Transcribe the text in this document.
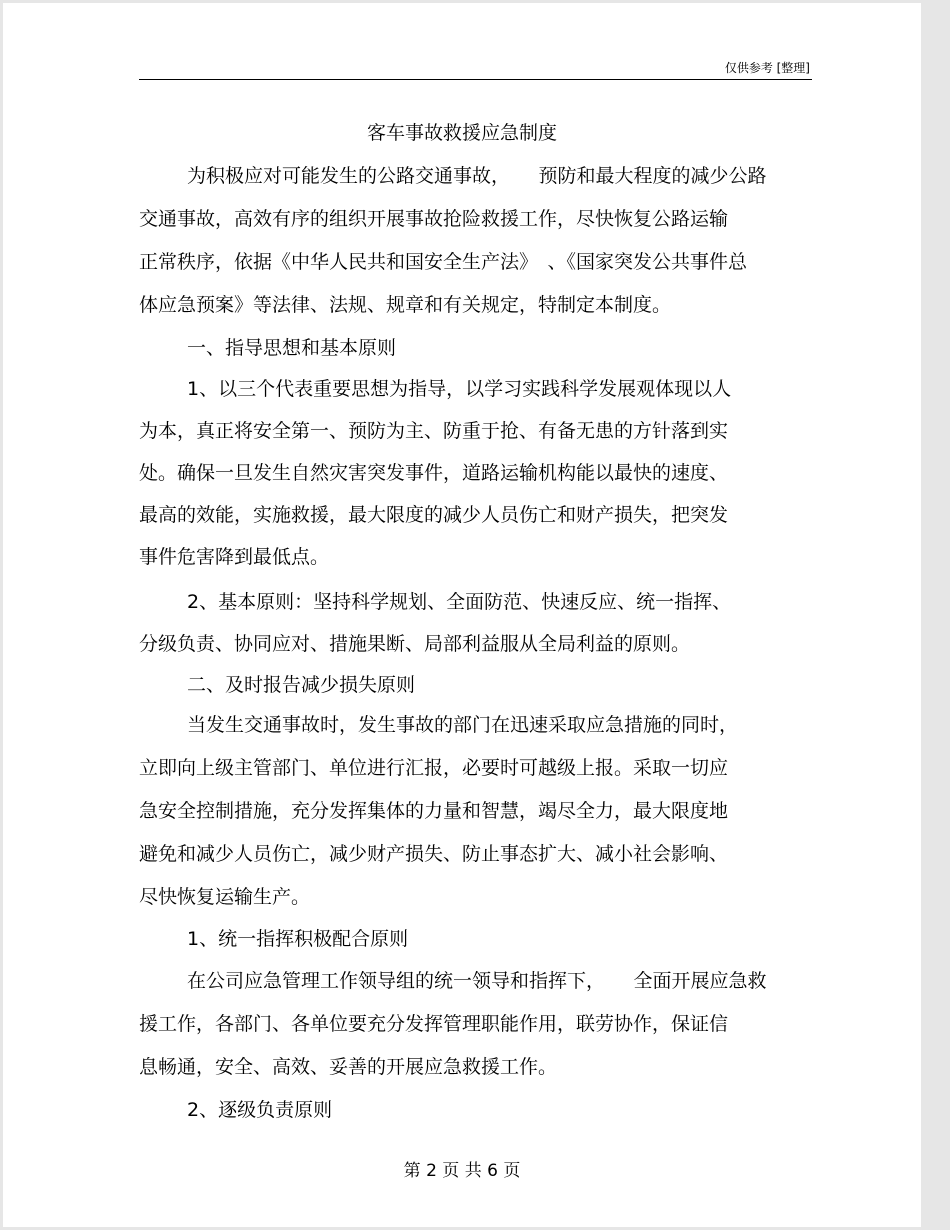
仅供参考 [整理]
客车事故救援应急制度
为积极应对可能发生的公路交通事故，　　预防和最大程度的减少公路
交通事故，高效有序的组织开展事故抢险救援工作，尽快恢复公路运输
正常秩序，依据《中华人民共和国安全生产法》　、《国家突发公共事件总
体应急预案》等法律、法规、规章和有关规定，特制定本制度。
一、指导思想和基本原则
1、以三个代表重要思想为指导，以学习实践科学发展观体现以人
为本，真正将安全第一、预防为主、防重于抢、有备无患的方针落到实
处。确保一旦发生自然灾害突发事件，道路运输机构能以最快的速度、
最高的效能，实施救援，最大限度的减少人员伤亡和财产损失，把突发
事件危害降到最低点。
2、基本原则：坚持科学规划、全面防范、快速反应、统一指挥、
分级负责、协同应对、措施果断、局部利益服从全局利益的原则。
二、及时报告减少损失原则
当发生交通事故时，发生事故的部门在迅速采取应急措施的同时，
立即向上级主管部门、单位进行汇报，必要时可越级上报。采取一切应
急安全控制措施，充分发挥集体的力量和智慧，竭尽全力，最大限度地
避免和减少人员伤亡，减少财产损失、防止事态扩大、减小社会影响、
尽快恢复运输生产。
1、统一指挥积极配合原则
在公司应急管理工作领导组的统一领导和指挥下，　　全面开展应急救
援工作，各部门、各单位要充分发挥管理职能作用，联劳协作，保证信
息畅通，安全、高效、妥善的开展应急救援工作。
2、逐级负责原则
第 2 页 共 6 页
